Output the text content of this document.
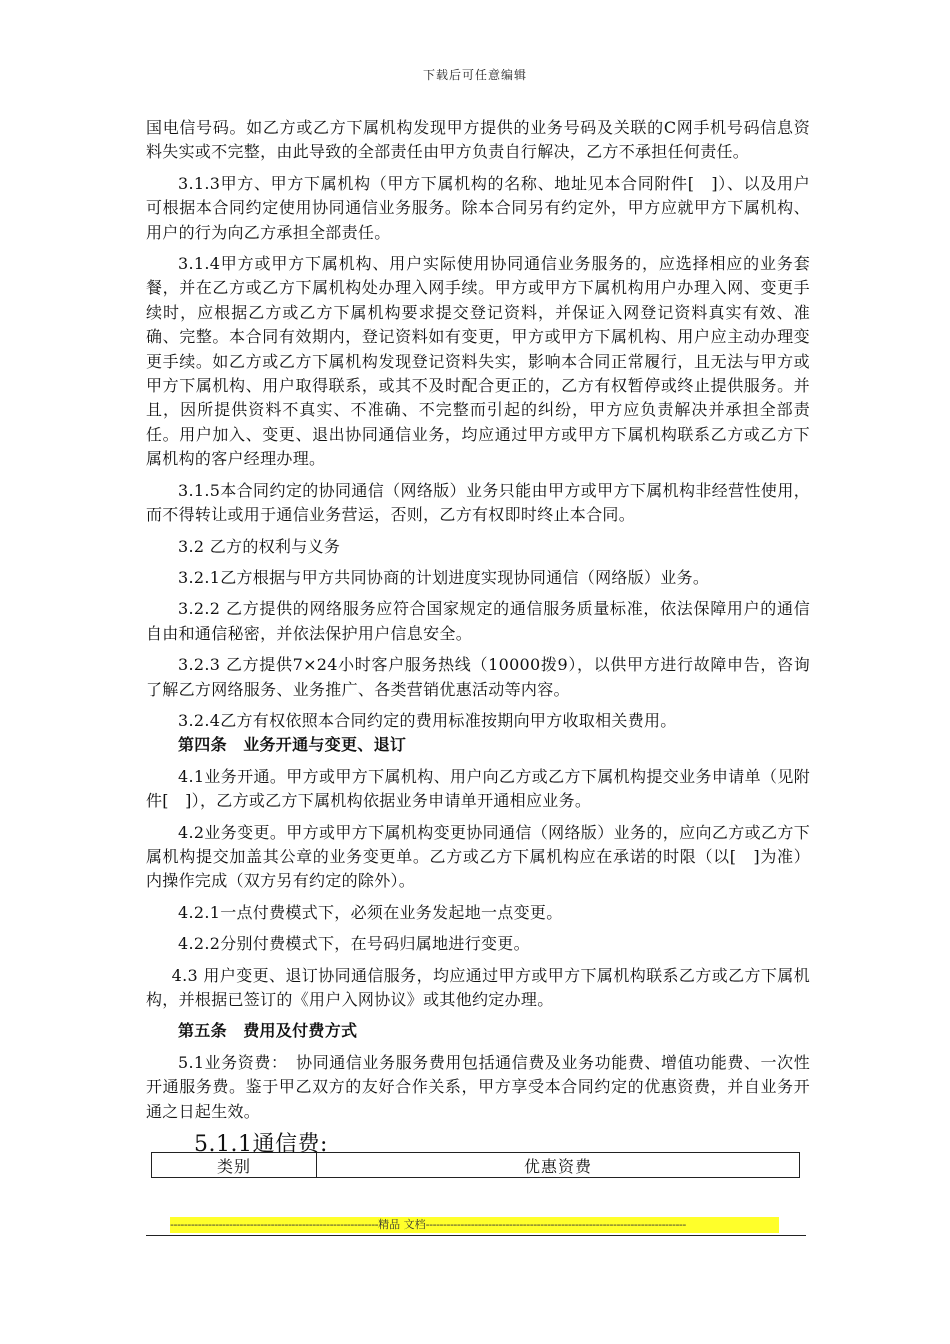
下载后可任意编辑

国电信号码。如乙方或乙方下属机构发现甲方提供的业务号码及关联的C网手机号码信息资料失实或不完整，由此导致的全部责任由甲方负责自行解决，乙方不承担任何责任。

3.1.3甲方、甲方下属机构（甲方下属机构的名称、地址见本合同附件[　]）、以及用户可根据本合同约定使用协同通信业务服务。除本合同另有约定外，甲方应就甲方下属机构、用户的行为向乙方承担全部责任。

3.1.4甲方或甲方下属机构、用户实际使用协同通信业务服务的，应选择相应的业务套餐，并在乙方或乙方下属机构处办理入网手续。甲方或甲方下属机构用户办理入网、变更手续时，应根据乙方或乙方下属机构要求提交登记资料，并保证入网登记资料真实有效、准确、完整。本合同有效期内，登记资料如有变更，甲方或甲方下属机构、用户应主动办理变更手续。如乙方或乙方下属机构发现登记资料失实，影响本合同正常履行，且无法与甲方或甲方下属机构、用户取得联系，或其不及时配合更正的，乙方有权暂停或终止提供服务。并且，因所提供资料不真实、不准确、不完整而引起的纠纷，甲方应负责解决并承担全部责任。用户加入、变更、退出协同通信业务，均应通过甲方或甲方下属机构联系乙方或乙方下属机构的客户经理办理。

3.1.5本合同约定的协同通信（网络版）业务只能由甲方或甲方下属机构非经营性使用，而不得转让或用于通信业务营运，否则，乙方有权即时终止本合同。

3.2 乙方的权利与义务

3.2.1乙方根据与甲方共同协商的计划进度实现协同通信（网络版）业务。

3.2.2 乙方提供的网络服务应符合国家规定的通信服务质量标准，依法保障用户的通信自由和通信秘密，并依法保护用户信息安全。

3.2.3 乙方提供7×24小时客户服务热线（10000拨9），以供甲方进行故障申告，咨询了解乙方网络服务、业务推广、各类营销优惠活动等内容。

3.2.4乙方有权依照本合同约定的费用标准按期向甲方收取相关费用。

第四条　业务开通与变更、退订

4.1业务开通。甲方或甲方下属机构、用户向乙方或乙方下属机构提交业务申请单（见附件[　]），乙方或乙方下属机构依据业务申请单开通相应业务。

4.2业务变更。甲方或甲方下属机构变更协同通信（网络版）业务的，应向乙方或乙方下属机构提交加盖其公章的业务变更单。乙方或乙方下属机构应在承诺的时限（以[　]为准）内操作完成（双方另有约定的除外）。

4.2.1一点付费模式下，必须在业务发起地一点变更。

4.2.2分别付费模式下，在号码归属地进行变更。

4.3 用户变更、退订协同通信服务，均应通过甲方或甲方下属机构联系乙方或乙方下属机构，并根据已签订的《用户入网协议》或其他约定办理。

第五条　费用及付费方式

5.1业务资费：　协同通信业务服务费用包括通信费及业务功能费、增值功能费、一次性开通服务费。鉴于甲乙双方的友好合作关系，甲方享受本合同约定的优惠资费，并自业务开通之日起生效。

5.1.1通信费:
类别	优惠资费
------------------------------------------------------------精品 文档---------------------------------------------------------------------------
